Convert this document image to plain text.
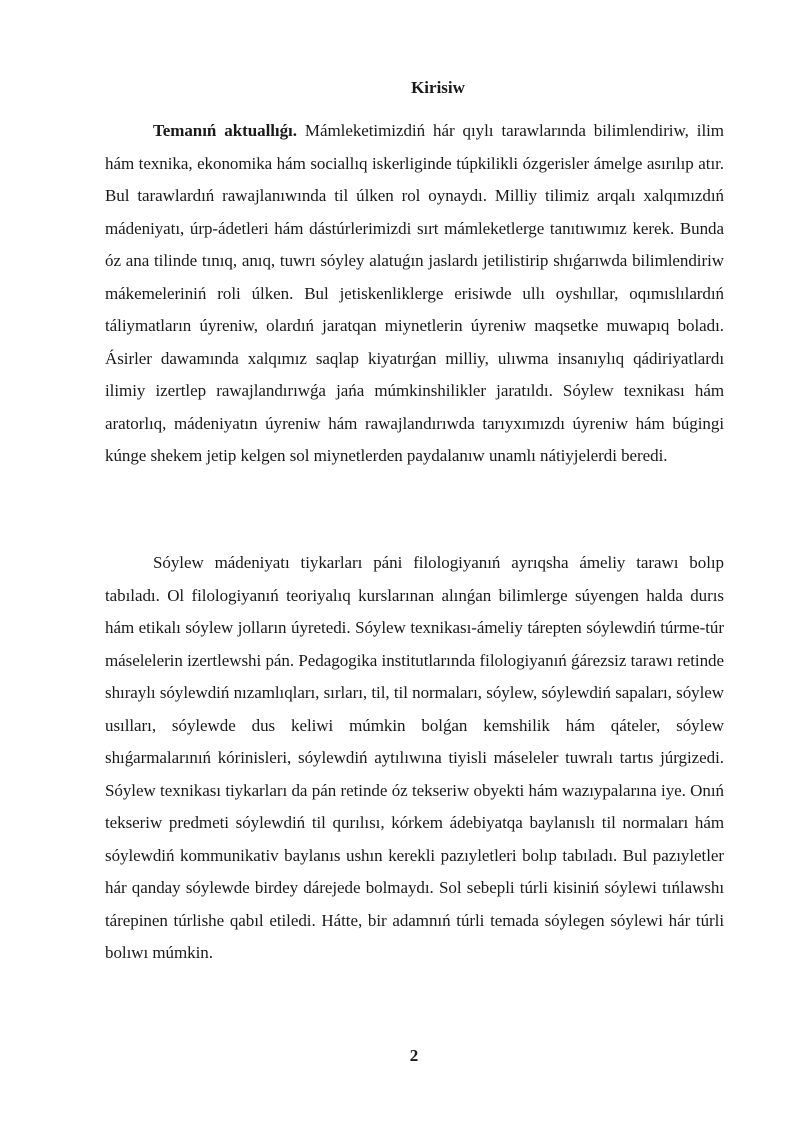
Kirisiw

Temanıń aktuallıǵı. Mámleketimizdiń hár qıylı tarawlarında bilimlendiriw, ilim hám texnika, ekonomika hám sociallıq iskerliginde túpkilikli ózgerisler ámelge asırılıp atır. Bul tarawlardıń rawajlanıwında til úlken rol oynaydı. Milliy tilimiz arqalı xalqımızdıń mádeniyatı, úrp-ádetleri hám dástúrlerimizdi sırt mámleketlerge tanıtıwımız kerek. Bunda óz ana tilinde tınıq, anıq, tuwrı sóyley alatuǵın jaslardı jetilistirip shıǵarıwda bilimlendiriw mákemeleriniń roli úlken. Bul jetiskenliklerge erisiwde ullı oyshıllar, oqımıslılardıń táliymatların úyreniw, olardıń jaratqan miynetlerin úyreniw maqsetke muwapıq boladı. Ásirler dawamında xalqımız saqlap kiyatırǵan milliy, ulıwma insanıylıq qádiriyatlardı ilimiy izertlep rawajlandırıwǵa jańa múmkinshilikler jaratıldı. Sóylew texnikası hám aratorlıq, mádeniyatın úyreniw hám rawajlandırıwda tarıyxımızdı úyreniw hám búgingi kúnge shekem jetip kelgen sol miynetlerden paydalanıw unamlı nátiyjelerdi beredi.

Sóylew mádeniyatı tiykarları páni filologiyanıń ayrıqsha ámeliy tarawı bolıp tabıladı. Ol filologiyanıń teoriyalıq kurslarınan alınǵan bilimlerge súyengen halda durıs hám etikalı sóylew jolların úyretedi. Sóylew texnikası-ámeliy tárepten sóylewdiń túrme-túr máselelerin izertlewshi pán. Pedagogika institutlarında filologiyanıń ǵárezsiz tarawı retinde shıraylı sóylewdiń nızamlıqları, sırları, til, til normaları, sóylew, sóylewdiń sapaları, sóylew usılları, sóylewde dus keliwi múmkin bolǵan kemshilik hám qáteler, sóylew shıǵarmalarınıń kórinisleri, sóylewdiń aytılıwına tiyisli máseleler tuwralı tartıs júrgizedi. Sóylew texnikası tiykarları da pán retinde óz tekseriw obyekti hám wazıypalarına iye. Onıń tekseriw predmeti sóylewdiń til qurılısı, kórkem ádebiyatqa baylanıslı til normaları hám sóylewdiń kommunikativ baylanıs ushın kerekli pazıyletleri bolıp tabıladı. Bul pazıyletler hár qanday sóylewde birdey dárejede bolmaydı. Sol sebepli túrli kisiniń sóylewi tıńlawshı tárepinen túrlishe qabıl etiledi. Hátte, bir adamnıń túrli temada sóylegen sóylewi hár túrli bolıwı múmkin.

2
